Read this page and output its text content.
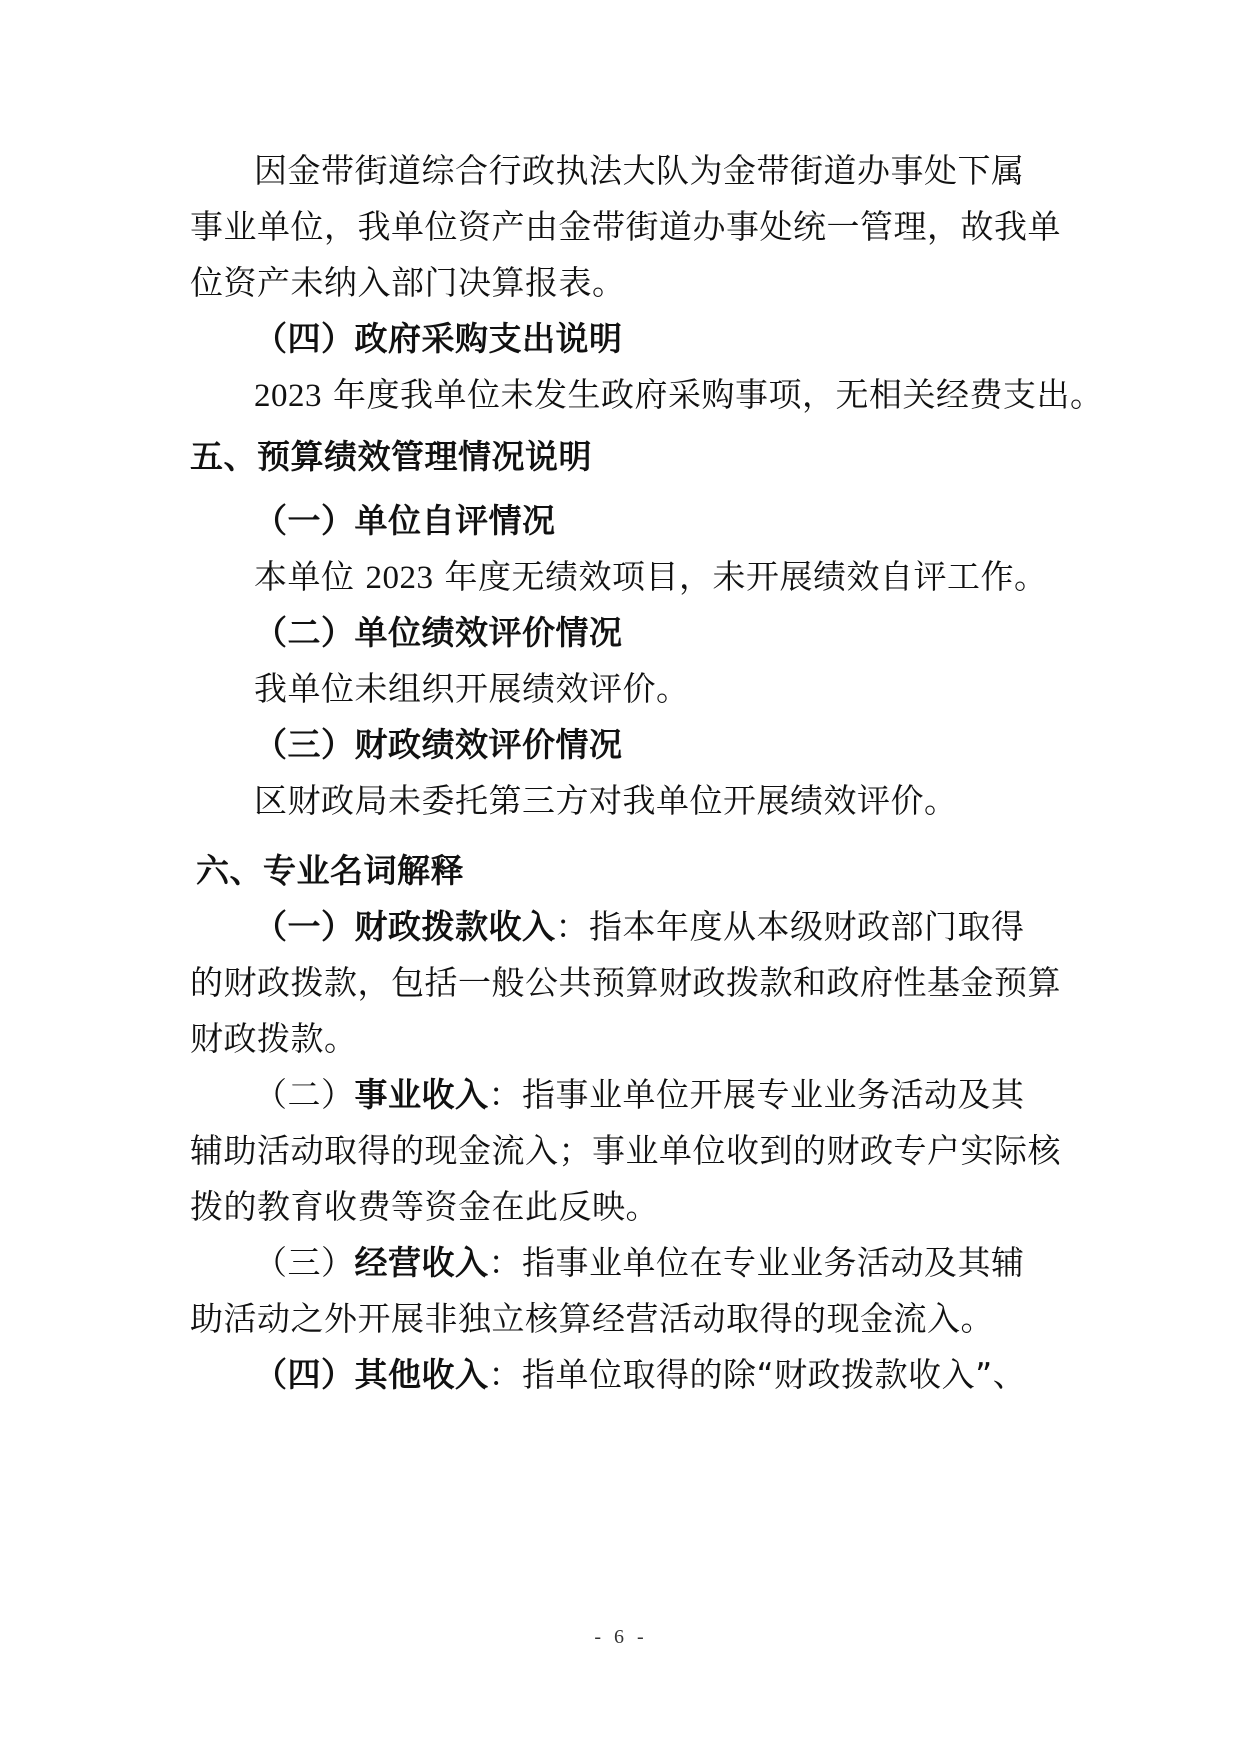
因金带街道综合行政执法大队为金带街道办事处下属
事业单位，我单位资产由金带街道办事处统一管理，故我单
位资产未纳入部门决算报表。
（四）政府采购支出说明
2023 年度我单位未发生政府采购事项，无相关经费支出。
五、预算绩效管理情况说明
（一）单位自评情况
本单位 2023 年度无绩效项目，未开展绩效自评工作。
（二）单位绩效评价情况
我单位未组织开展绩效评价。
（三）财政绩效评价情况
区财政局未委托第三方对我单位开展绩效评价。
六、专业名词解释
（一）财政拨款收入：指本年度从本级财政部门取得
的财政拨款，包括一般公共预算财政拨款和政府性基金预算
财政拨款。
（二）事业收入：指事业单位开展专业业务活动及其
辅助活动取得的现金流入；事业单位收到的财政专户实际核
拨的教育收费等资金在此反映。
（三）经营收入：指事业单位在专业业务活动及其辅
助活动之外开展非独立核算经营活动取得的现金流入。
（四）其他收入：指单位取得的除“财政拨款收入”、
- 6 -
